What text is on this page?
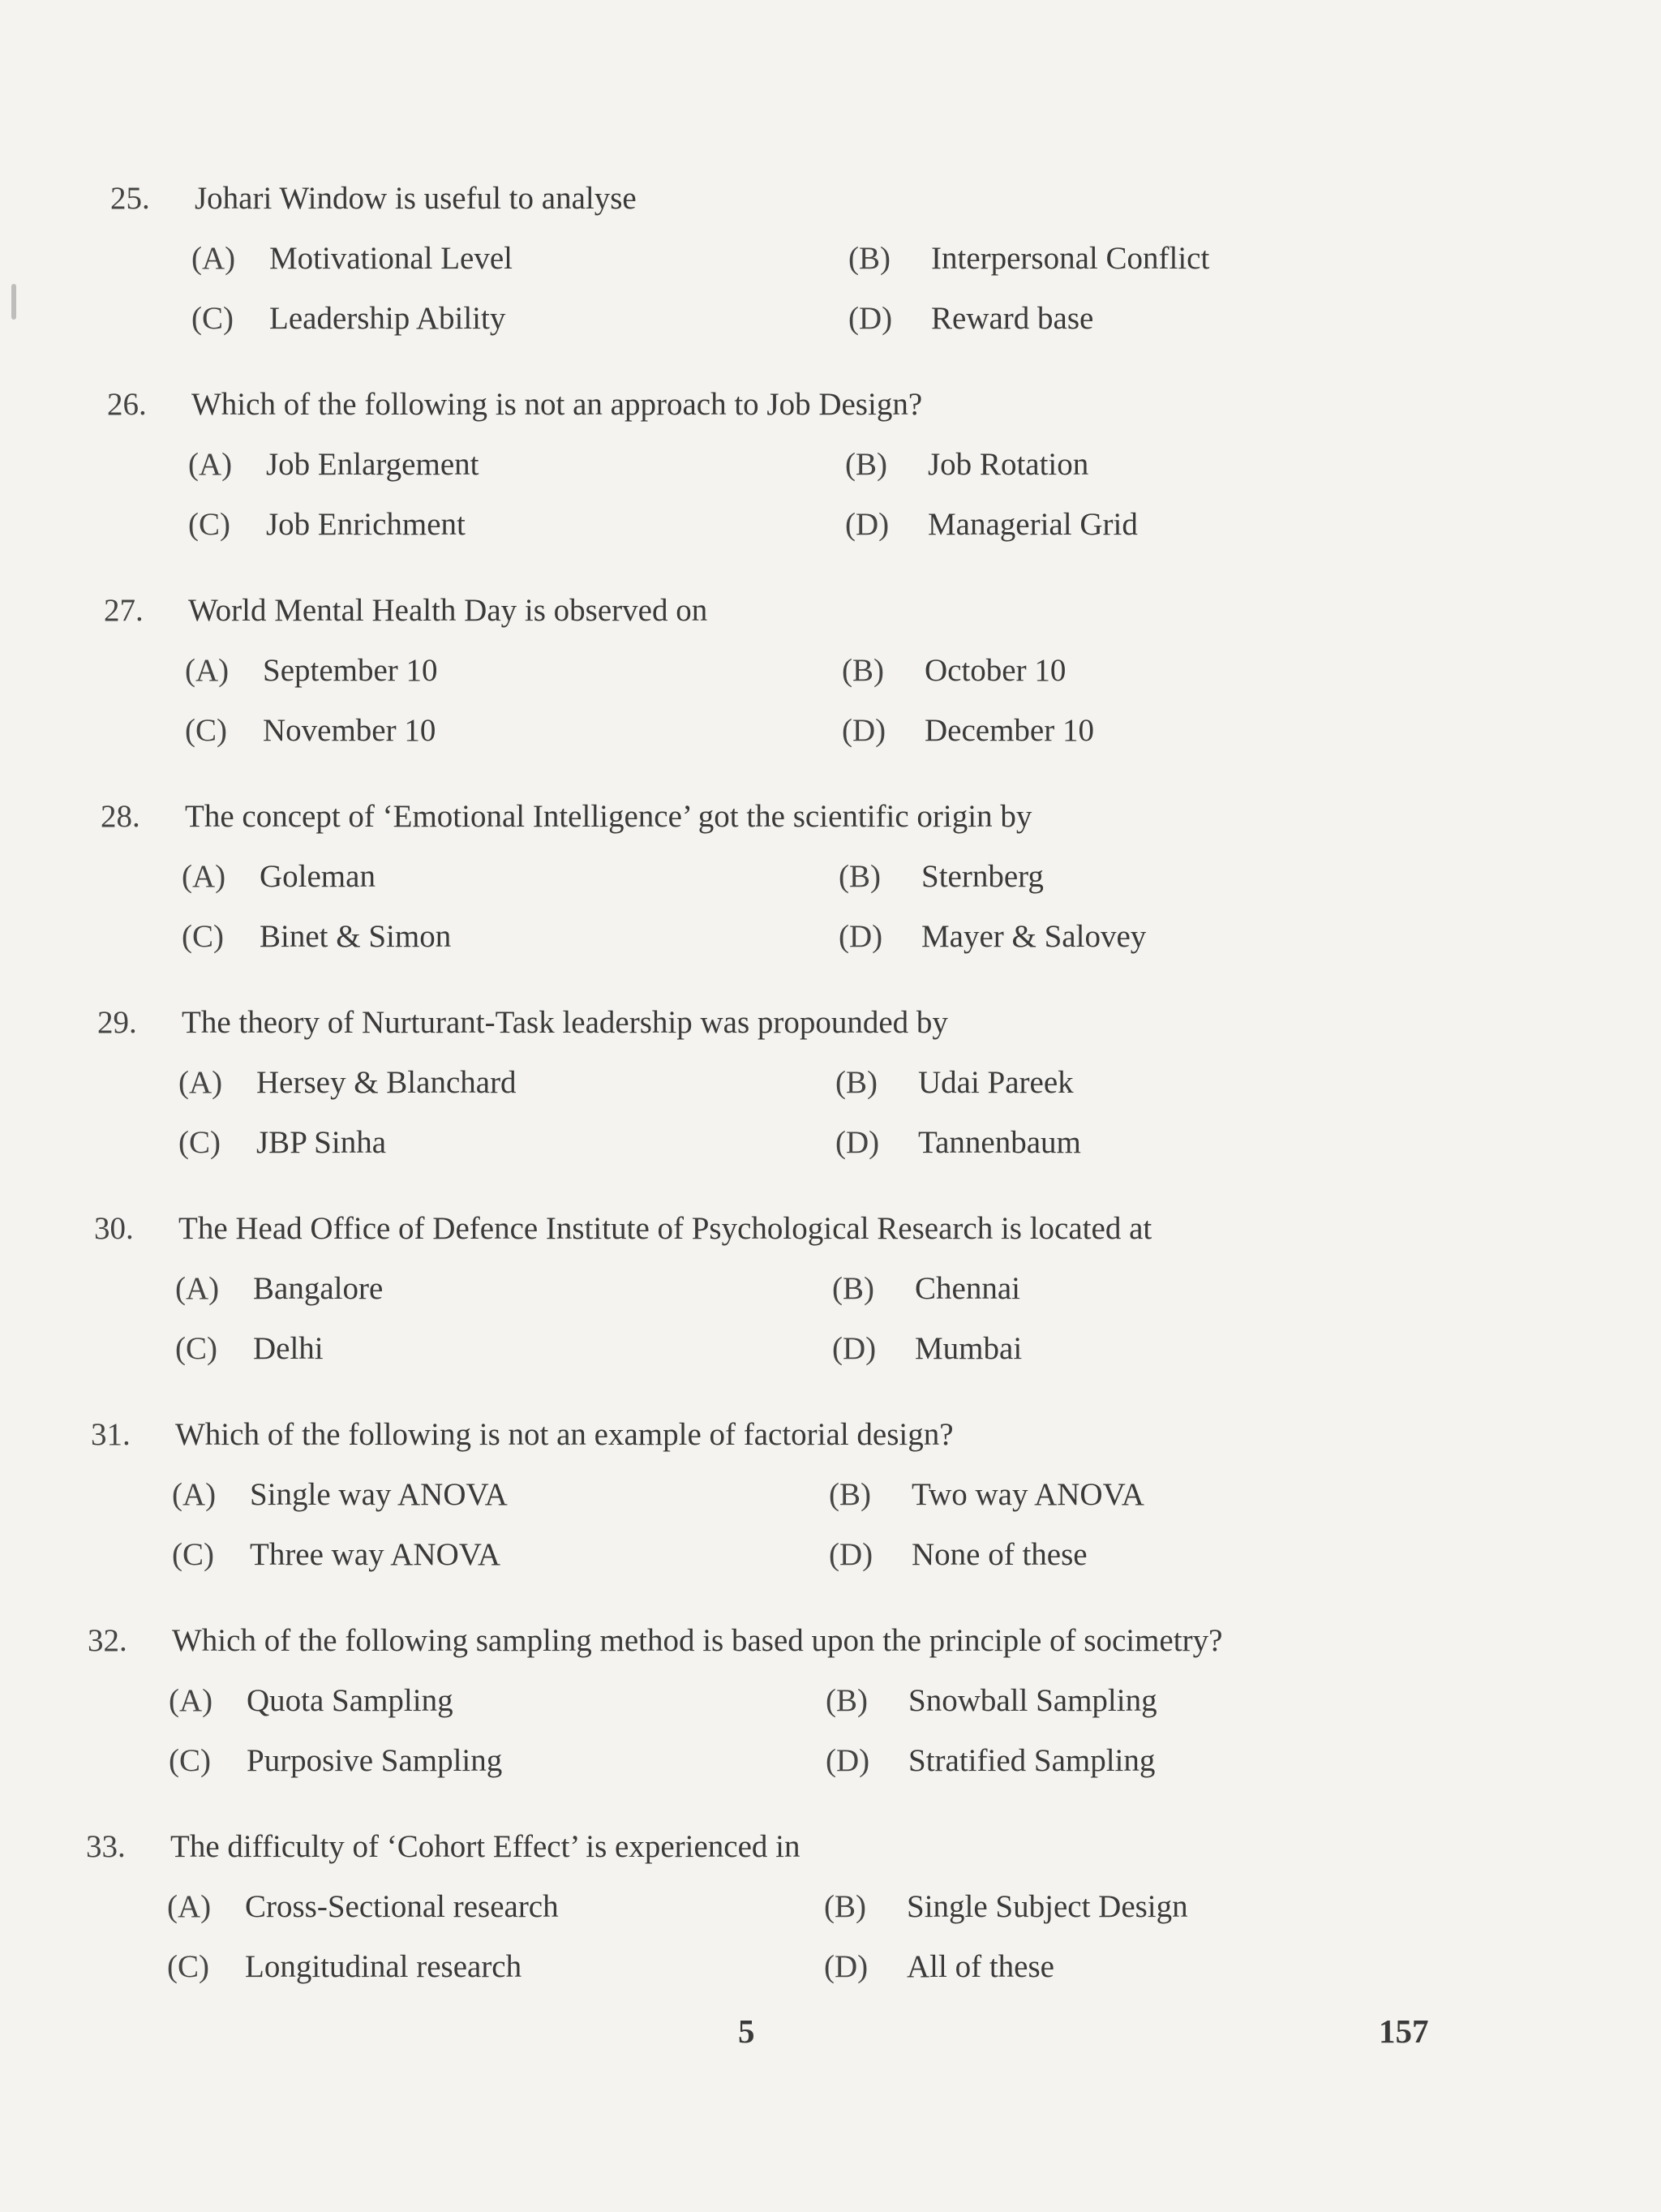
25. Johari Window is useful to analyse
(A) Motivational Level	(B) Interpersonal Conflict
(C) Leadership Ability	(D) Reward base
26. Which of the following is not an approach to Job Design?
(A) Job Enlargement	(B) Job Rotation
(C) Job Enrichment	(D) Managerial Grid
27. World Mental Health Day is observed on
(A) September 10	(B) October 10
(C) November 10	(D) December 10
28. The concept of ‘Emotional Intelligence’ got the scientific origin by
(A) Goleman	(B) Sternberg
(C) Binet & Simon	(D) Mayer & Salovey
29. The theory of Nurturant-Task leadership was propounded by
(A) Hersey & Blanchard	(B) Udai Pareek
(C) JBP Sinha	(D) Tannenbaum
30. The Head Office of Defence Institute of Psychological Research is located at
(A) Bangalore	(B) Chennai
(C) Delhi	(D) Mumbai
31. Which of the following is not an example of factorial design?
(A) Single way ANOVA	(B) Two way ANOVA
(C) Three way ANOVA	(D) None of these
32. Which of the following sampling method is based upon the principle of socimetry?
(A) Quota Sampling	(B) Snowball Sampling
(C) Purposive Sampling	(D) Stratified Sampling
33. The difficulty of ‘Cohort Effect’ is experienced in
(A) Cross-Sectional research	(B) Single Subject Design
(C) Longitudinal research	(D) All of these
5	157
